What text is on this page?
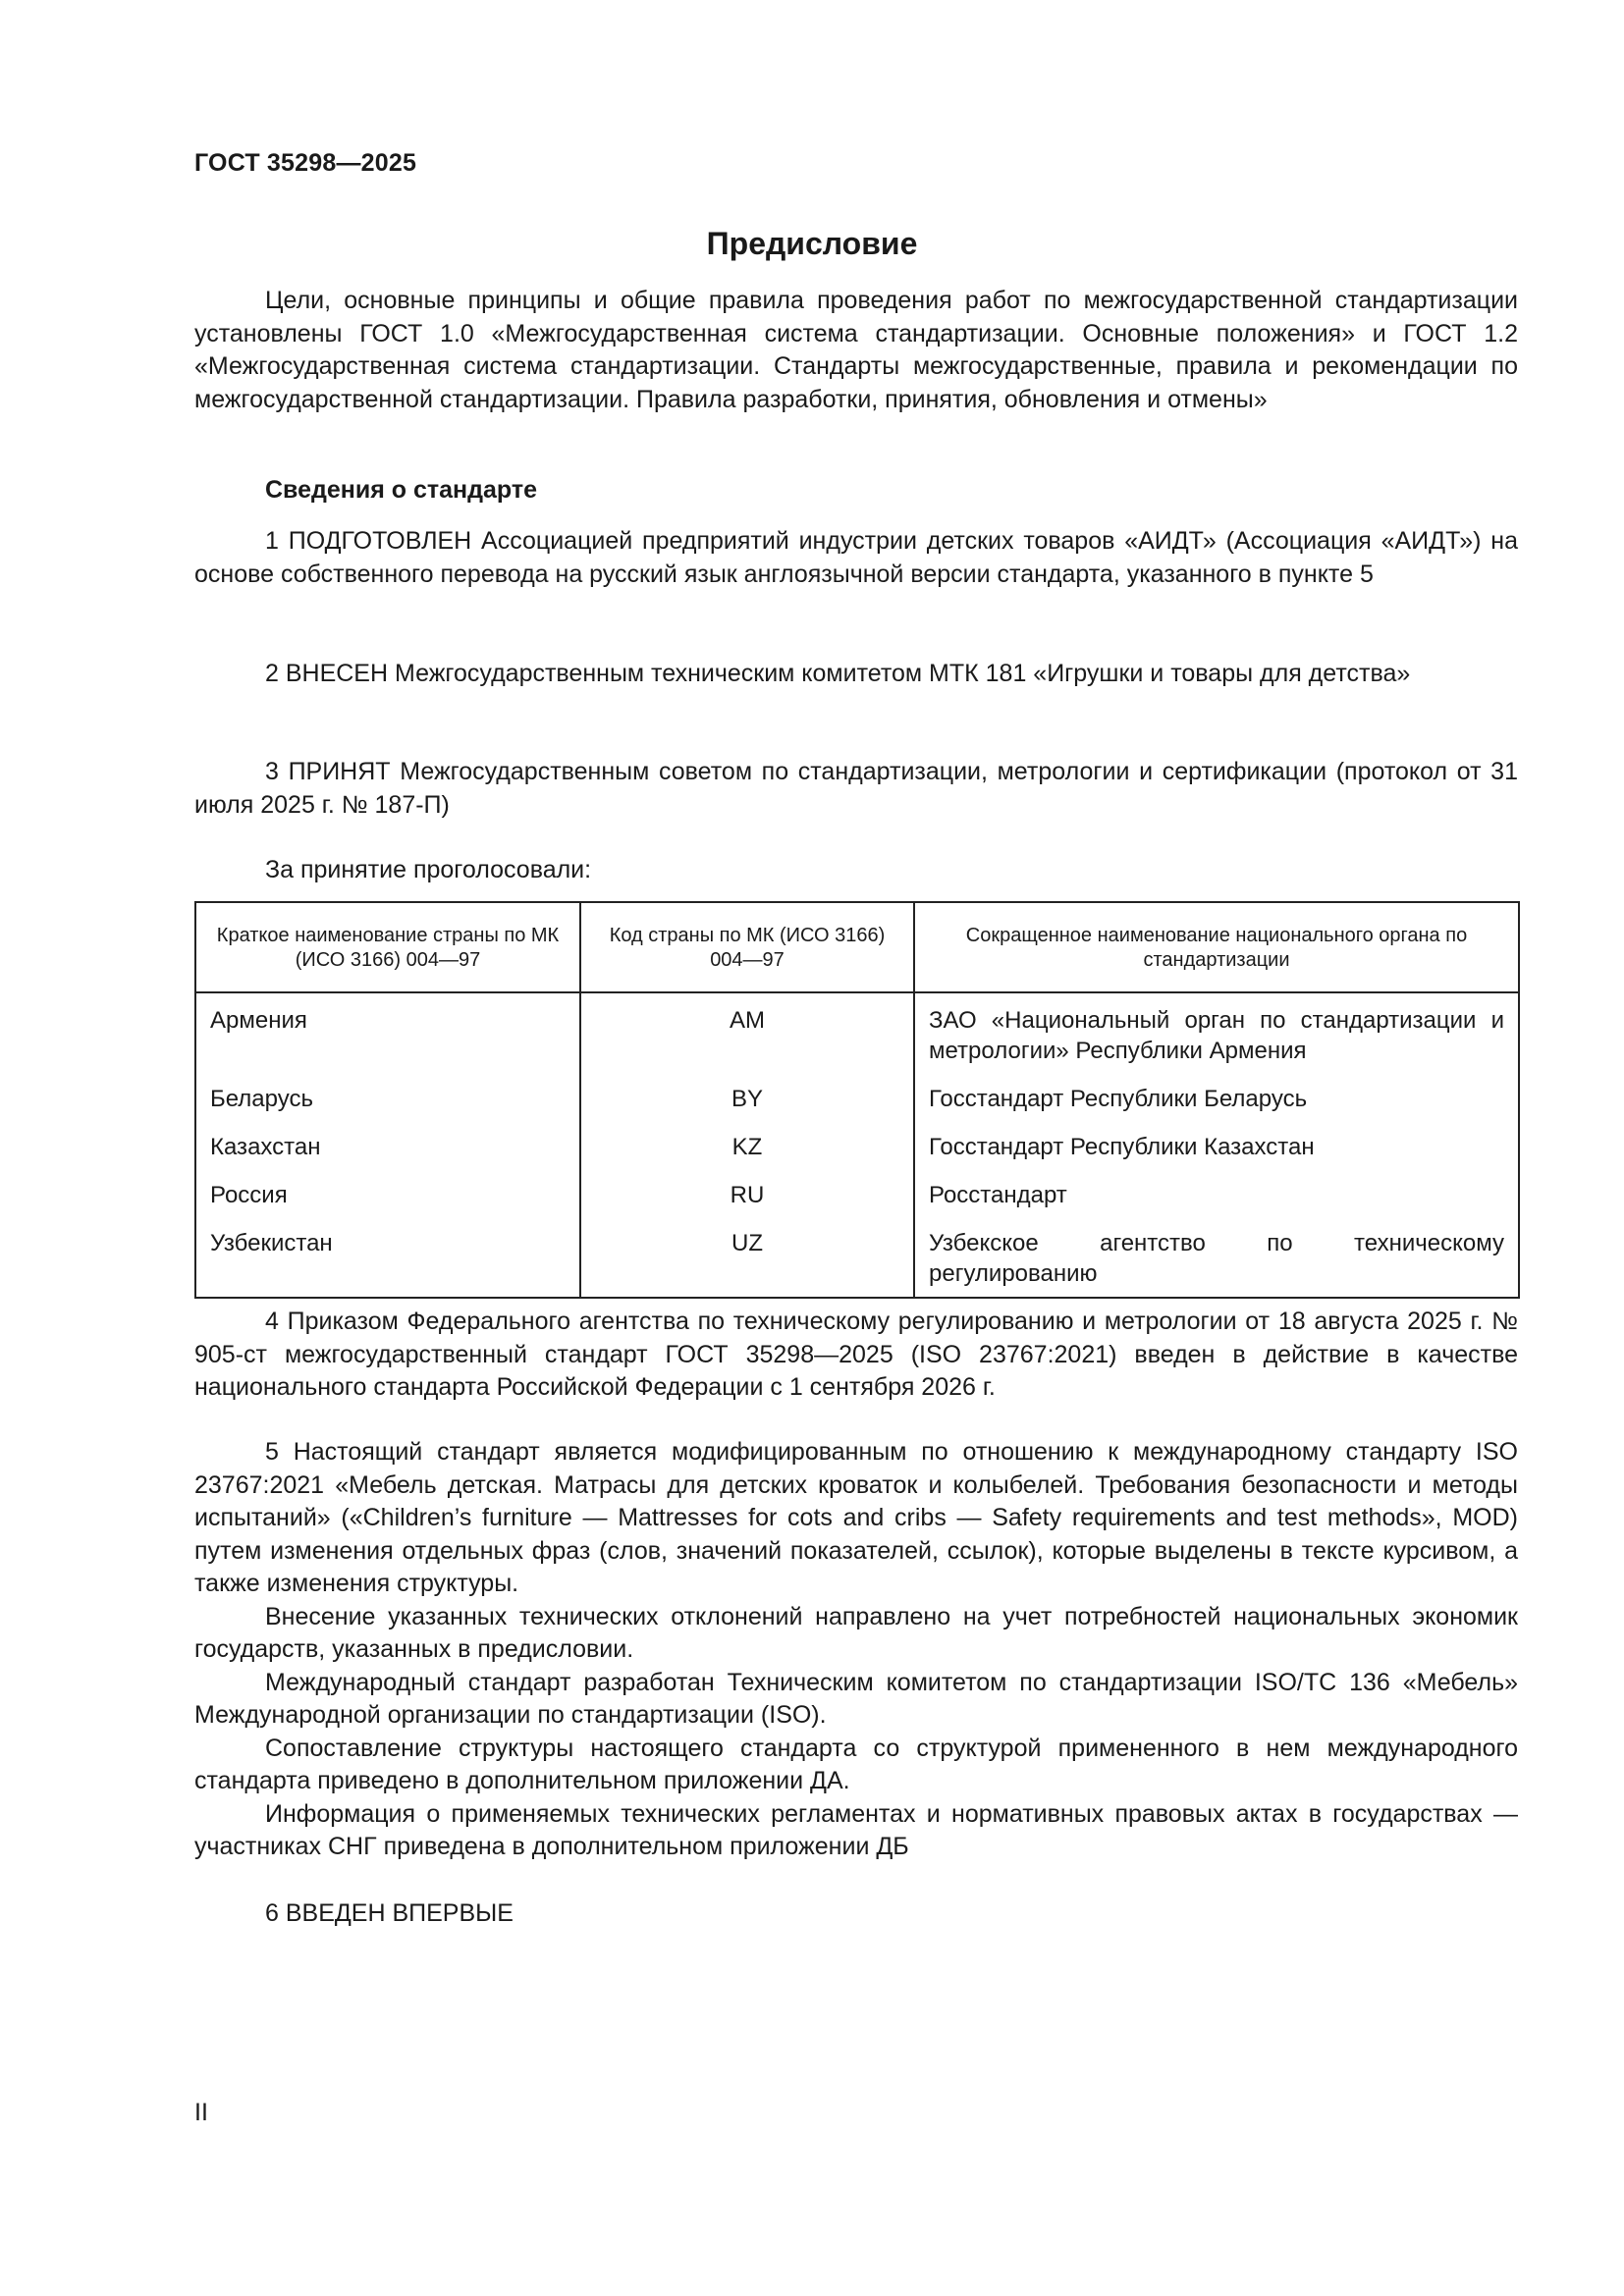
ГОСТ 35298—2025
Предисловие

Цели, основные принципы и общие правила проведения работ по межгосударственной стандартизации установлены ГОСТ 1.0 «Межгосударственная система стандартизации. Основные положения» и ГОСТ 1.2 «Межгосударственная система стандартизации. Стандарты межгосударственные, правила и рекомендации по межгосударственной стандартизации. Правила разработки, принятия, обновления и отмены»

Сведения о стандарте

1 ПОДГОТОВЛЕН Ассоциацией предприятий индустрии детских товаров «АИДТ» (Ассоциация «АИДТ») на основе собственного перевода на русский язык англоязычной версии стандарта, указанного в пункте 5

2 ВНЕСЕН Межгосударственным техническим комитетом МТК 181 «Игрушки и товары для детства»

3 ПРИНЯТ Межгосударственным советом по стандартизации, метрологии и сертификации (протокол от 31 июля 2025 г. № 187-П)

За принятие проголосовали:
Краткое наименование страны по МК (ИСО 3166) 004—97	Код страны по МК (ИСО 3166) 004—97	Сокращенное наименование национального органа по стандартизации
Армения	AM	ЗАО «Национальный орган по стандартизации и метрологии» Республики Армения
Беларусь	BY	Госстандарт Республики Беларусь
Казахстан	KZ	Госстандарт Республики Казахстан
Россия	RU	Росстандарт
Узбекистан	UZ	Узбекское агентство по техническому регулированию

4 Приказом Федерального агентства по техническому регулированию и метрологии от 18 августа 2025 г. № 905-ст межгосударственный стандарт ГОСТ 35298—2025 (ISO 23767:2021) введен в действие в качестве национального стандарта Российской Федерации с 1 сентября 2026 г.

5 Настоящий стандарт является модифицированным по отношению к международному стандарту ISO 23767:2021 «Мебель детская. Матрасы для детских кроваток и колыбелей. Требования безопасности и методы испытаний» («Children’s furniture — Mattresses for cots and cribs — Safety requirements and test methods», MOD) путем изменения отдельных фраз (слов, значений показателей, ссылок), которые выделены в тексте курсивом, а также изменения структуры.

Внесение указанных технических отклонений направлено на учет потребностей национальных экономик государств, указанных в предисловии.

Международный стандарт разработан Техническим комитетом по стандартизации ISO/TC 136 «Мебель» Международной организации по стандартизации (ISO).

Сопоставление структуры настоящего стандарта со структурой примененного в нем международного стандарта приведено в дополнительном приложении ДА.

Информация о применяемых технических регламентах и нормативных правовых актах в государствах — участниках СНГ приведена в дополнительном приложении ДБ

6 ВВЕДЕН ВПЕРВЫЕ
II
